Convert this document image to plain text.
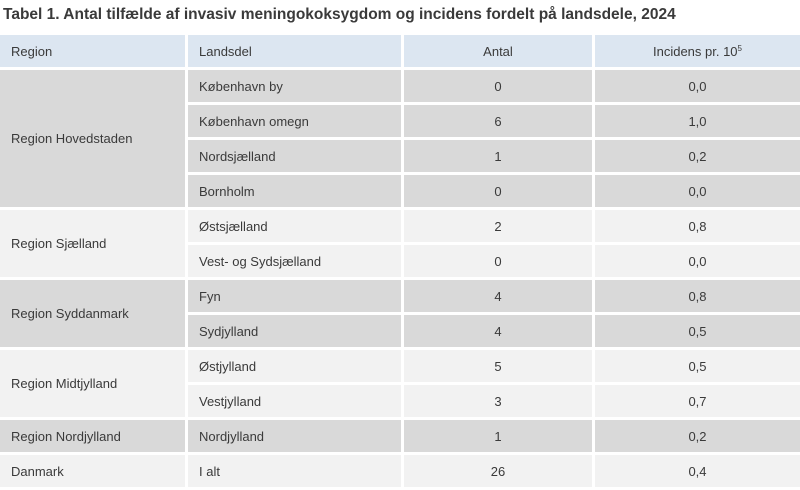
Tabel 1. Antal tilfælde af invasiv meningokoksygdom og incidens fordelt på landsdele, 2024
Region	Landsdel	Antal	Incidens pr. $10^5$
Region Hovedstaden	København by	0	0,0
	København omegn	6	1,0
	Nordsjælland	1	0,2
	Bornholm	0	0,0
Region Sjælland	Østsjælland	2	0,8
	Vest- og Sydsjælland	0	0,0
Region Syddanmark	Fyn	4	0,8
	Sydjylland	4	0,5
Region Midtjylland	Østjylland	5	0,5
	Vestjylland	3	0,7
Region Nordjylland	Nordjylland	1	0,2
Danmark	I alt	26	0,4
